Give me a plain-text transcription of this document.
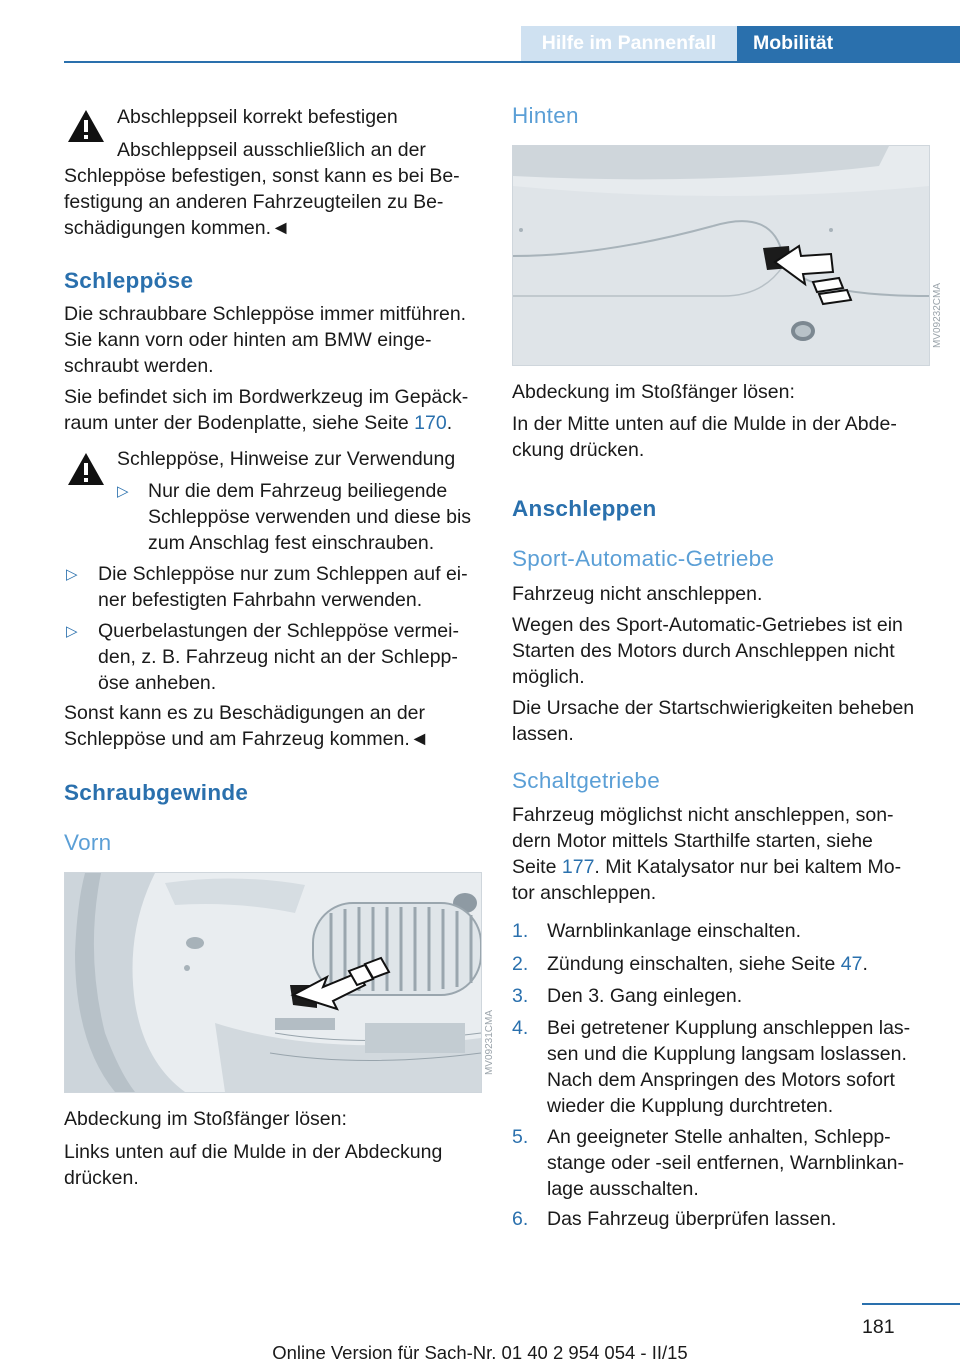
Hilfe im Pannenfall	Mobilität
Abschleppseil korrekt befestigen
Abschleppseil ausschließlich an der
Schleppöse befestigen, sonst kann es bei Be-
festigung an anderen Fahrzeugteilen zu Be-
schädigungen kommen.◄
Schleppöse
Die schraubbare Schleppöse immer mitführen.
Sie kann vorn oder hinten am BMW einge-
schraubt werden.
Sie befindet sich im Bordwerkzeug im Gepäck-
raum unter der Bodenplatte, siehe Seite 170.
Schleppöse, Hinweise zur Verwendung
▷ Nur die dem Fahrzeug beiliegende
Schleppöse verwenden und diese bis
zum Anschlag fest einschrauben.
▷ Die Schleppöse nur zum Schleppen auf ei-
ner befestigten Fahrbahn verwenden.
▷ Querbelastungen der Schleppöse vermei-
den, z. B. Fahrzeug nicht an der Schlepp-
öse anheben.
Sonst kann es zu Beschädigungen an der
Schleppöse und am Fahrzeug kommen.◄
Schraubgewinde
Vorn
MV09231CMA
Abdeckung im Stoßfänger lösen:
Links unten auf die Mulde in der Abdeckung
drücken.
Hinten
MV09232CMA
Abdeckung im Stoßfänger lösen:
In der Mitte unten auf die Mulde in der Abde-
ckung drücken.
Anschleppen
Sport-Automatic-Getriebe
Fahrzeug nicht anschleppen.
Wegen des Sport-Automatic-Getriebes ist ein
Starten des Motors durch Anschleppen nicht
möglich.
Die Ursache der Startschwierigkeiten beheben
lassen.
Schaltgetriebe
Fahrzeug möglichst nicht anschleppen, son-
dern Motor mittels Starthilfe starten, siehe
Seite 177. Mit Katalysator nur bei kaltem Mo-
tor anschleppen.
1. Warnblinkanlage einschalten.
2. Zündung einschalten, siehe Seite 47.
3. Den 3. Gang einlegen.
4. Bei getretener Kupplung anschleppen las-
sen und die Kupplung langsam loslassen.
Nach dem Anspringen des Motors sofort
wieder die Kupplung durchtreten.
5. An geeigneter Stelle anhalten, Schlepp-
stange oder -seil entfernen, Warnblinkan-
lage ausschalten.
6. Das Fahrzeug überprüfen lassen.
181
Online Version für Sach-Nr. 01 40 2 954 054 - II/15
